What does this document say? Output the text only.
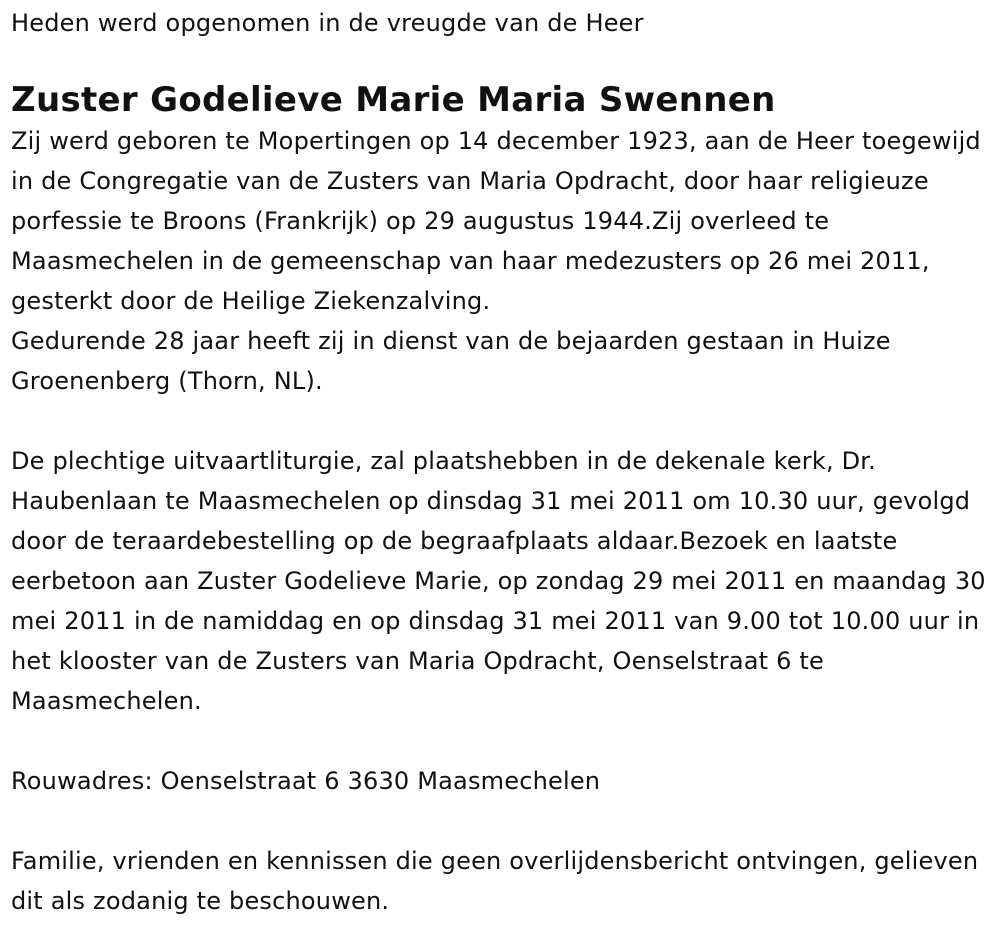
Heden werd opgenomen in de vreugde van de Heer

Zuster Godelieve Marie Maria Swennen

Zij werd geboren te Mopertingen op 14 december 1923, aan de Heer toegewijd in de Congregatie van de Zusters van Maria Opdracht, door haar religieuze porfessie te Broons (Frankrijk) op 29 augustus 1944.Zij overleed te Maasmechelen in de gemeenschap van haar medezusters op 26 mei 2011, gesterkt door de Heilige Ziekenzalving.

Gedurende 28 jaar heeft zij in dienst van de bejaarden gestaan in Huize Groenenberg (Thorn, NL).

De plechtige uitvaartliturgie, zal plaatshebben in de dekenale kerk, Dr. Haubenlaan te Maasmechelen op dinsdag 31 mei 2011 om 10.30 uur, gevolgd door de teraardebestelling op de begraafplaats aldaar.Bezoek en laatste eerbetoon aan Zuster Godelieve Marie, op zondag 29 mei 2011 en maandag 30 mei 2011 in de namiddag en op dinsdag 31 mei 2011 van 9.00 tot 10.00 uur in het klooster van de Zusters van Maria Opdracht, Oenselstraat 6 te Maasmechelen.

Rouwadres: Oenselstraat 6 3630 Maasmechelen

Familie, vrienden en kennissen die geen overlijdensbericht ontvingen, gelieven dit als zodanig te beschouwen.
